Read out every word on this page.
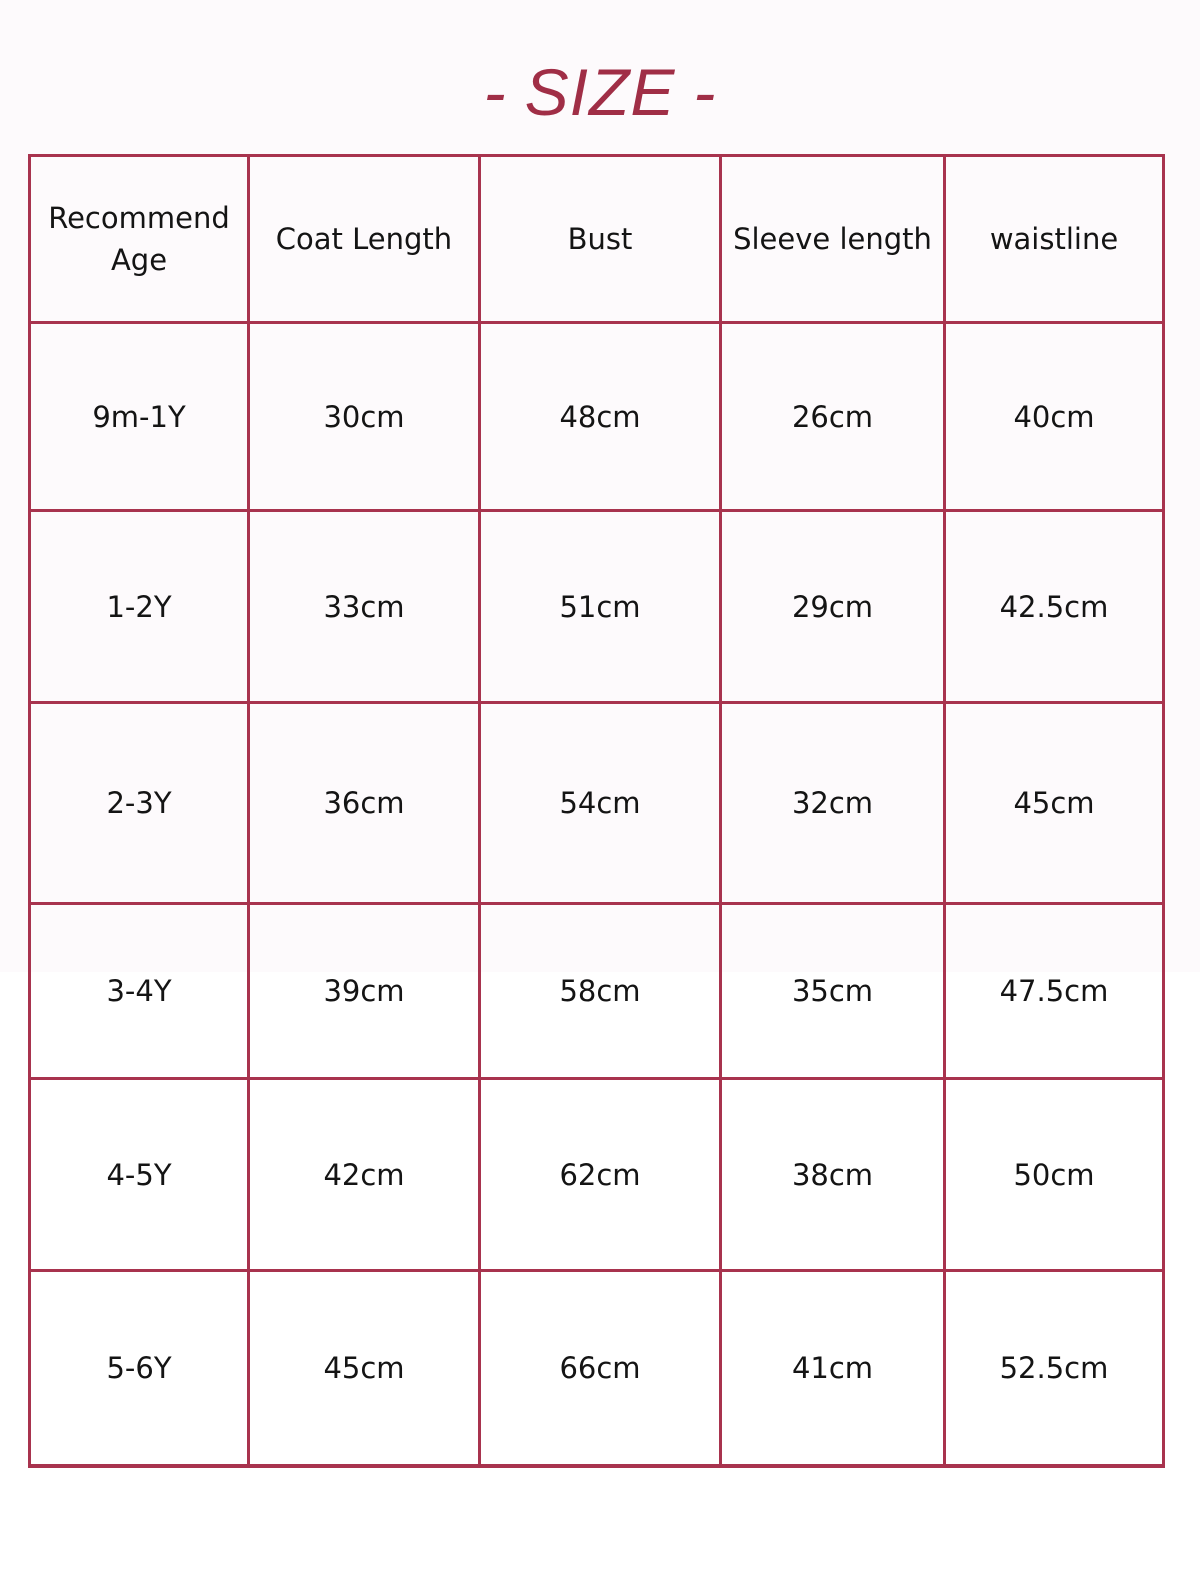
- SIZE -
Recommend Age	Coat Length	Bust	Sleeve length	waistline
9m-1Y	30cm	48cm	26cm	40cm
1-2Y	33cm	51cm	29cm	42.5cm
2-3Y	36cm	54cm	32cm	45cm
3-4Y	39cm	58cm	35cm	47.5cm
4-5Y	42cm	62cm	38cm	50cm
5-6Y	45cm	66cm	41cm	52.5cm
